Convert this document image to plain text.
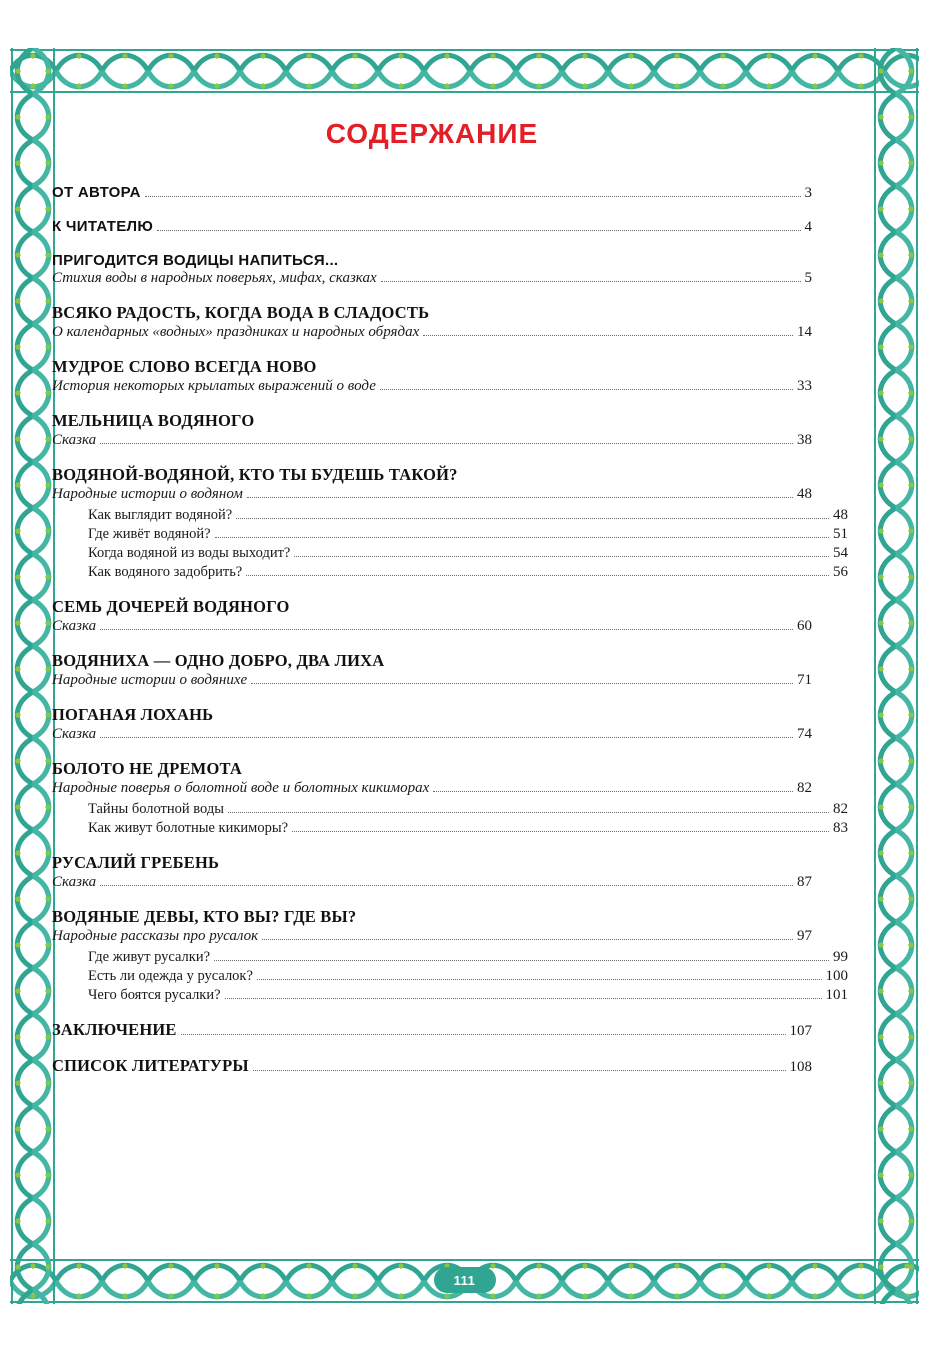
111
СОДЕРЖАНИЕ
ОТ АВТОРА	3
К ЧИТАТЕЛЮ	4
ПРИГОДИТСЯ ВОДИЦЫ НАПИТЬСЯ...
Стихия воды в народных поверьях, мифах, сказках	5
ВСЯКО РАДОСТЬ, КОГДА ВОДА В СЛАДОСТЬ
О календарных «водных» праздниках и народных обрядах	14
МУДРОЕ СЛОВО ВСЕГДА НОВО
История некоторых крылатых выражений о воде	33
МЕЛЬНИЦА ВОДЯНОГО
Сказка	38
ВОДЯНОЙ-ВОДЯНОЙ, КТО ТЫ БУДЕШЬ ТАКОЙ?
Народные истории о водяном	48
Как выглядит водяной?	48
Где живёт водяной?	51
Когда водяной из воды выходит?	54
Как водяного задобрить?	56
СЕМЬ ДОЧЕРЕЙ ВОДЯНОГО
Сказка	60
ВОДЯНИХА — ОДНО ДОБРО, ДВА ЛИХА
Народные истории о водянихе	71
ПОГАНАЯ ЛОХАНЬ
Сказка	74
БОЛОТО НЕ ДРЕМОТА
Народные поверья о болотной воде и болотных кикиморах	82
Тайны болотной воды	82
Как живут болотные кикиморы?	83
РУСАЛИЙ ГРЕБЕНЬ
Сказка	87
ВОДЯНЫЕ ДЕВЫ, КТО ВЫ? ГДЕ ВЫ?
Народные рассказы про русалок	97
Где живут русалки?	99
Есть ли одежда у русалок?	100
Чего боятся русалки?	101
ЗАКЛЮЧЕНИЕ	107
СПИСОК ЛИТЕРАТУРЫ	108
